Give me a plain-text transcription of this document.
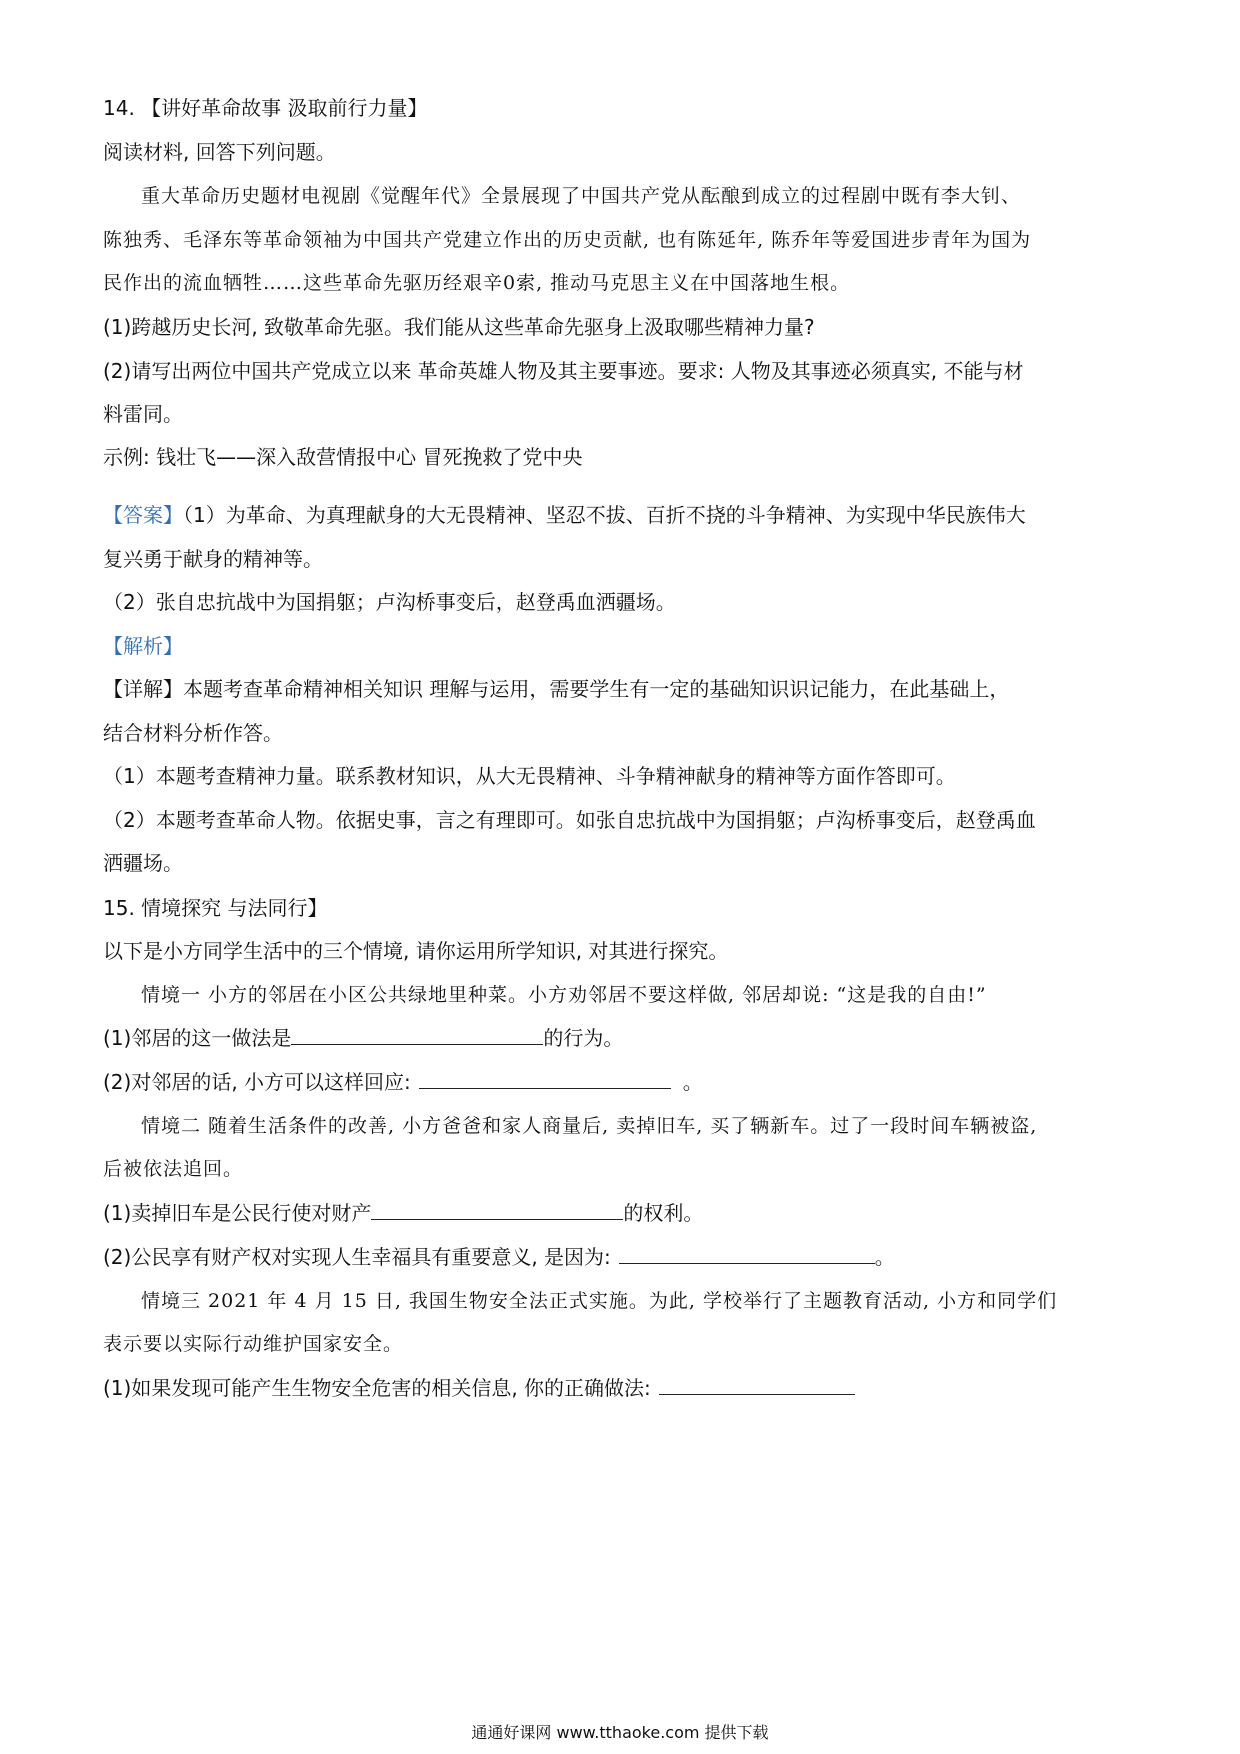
14. 【讲好革命故事 汲取前行力量】
阅读材料, 回答下列问题。
重大革命历史题材电视剧《觉醒年代》全景展现了中国共产党从酝酿到成立的过程剧中既有李大钊、
陈独秀、毛泽东等革命领袖为中国共产党建立作出的历史贡献, 也有陈延年, 陈乔年等爱国进步青年为国为
民作出的流血牺牲……这些革命先驱历经艰辛0索, 推动马克思主义在中国落地生根。
(1)跨越历史长河, 致敬革命先驱。我们能从这些革命先驱身上汲取哪些精神力量?
(2)请写出两位中国共产党成立以来 革命英雄人物及其主要事迹。要求: 人物及其事迹必须真实, 不能与材
料雷同。
示例: 钱壮飞——深入敌营情报中心 冒死挽救了党中央
【答案】（1）为革命、为真理献身的大无畏精神、坚忍不拔、百折不挠的斗争精神、为实现中华民族伟大
复兴勇于献身的精神等。
（2）张自忠抗战中为国捐躯；卢沟桥事变后，赵登禹血洒疆场。
【解析】
【详解】本题考查革命精神相关知识 理解与运用，需要学生有一定的基础知识识记能力，在此基础上，
结合材料分析作答。
（1）本题考查精神力量。联系教材知识，从大无畏精神、斗争精神献身的精神等方面作答即可。
（2）本题考查革命人物。依据史事，言之有理即可。如张自忠抗战中为国捐躯；卢沟桥事变后，赵登禹血
洒疆场。
15. 情境探究 与法同行】
以下是小方同学生活中的三个情境, 请你运用所学知识, 对其进行探究。
情境一 小方的邻居在小区公共绿地里种菜。小方劝邻居不要这样做, 邻居却说: “这是我的自由!”
(1)邻居的这一做法是	的行为。
(2)对邻居的话, 小方可以这样回应:	。
情境二 随着生活条件的改善, 小方爸爸和家人商量后, 卖掉旧车, 买了辆新车。过了一段时间车辆被盗,
后被依法追回。
(1)卖掉旧车是公民行使对财产	的权利。
(2)公民享有财产权对实现人生幸福具有重要意义, 是因为:	。
情境三 2021 年 4 月 15 日, 我国生物安全法正式实施。为此, 学校举行了主题教育活动, 小方和同学们
表示要以实际行动维护国家安全。
(1)如果发现可能产生生物安全危害的相关信息, 你的正确做法:
通通好课网 www.tthaoke.com 提供下载
